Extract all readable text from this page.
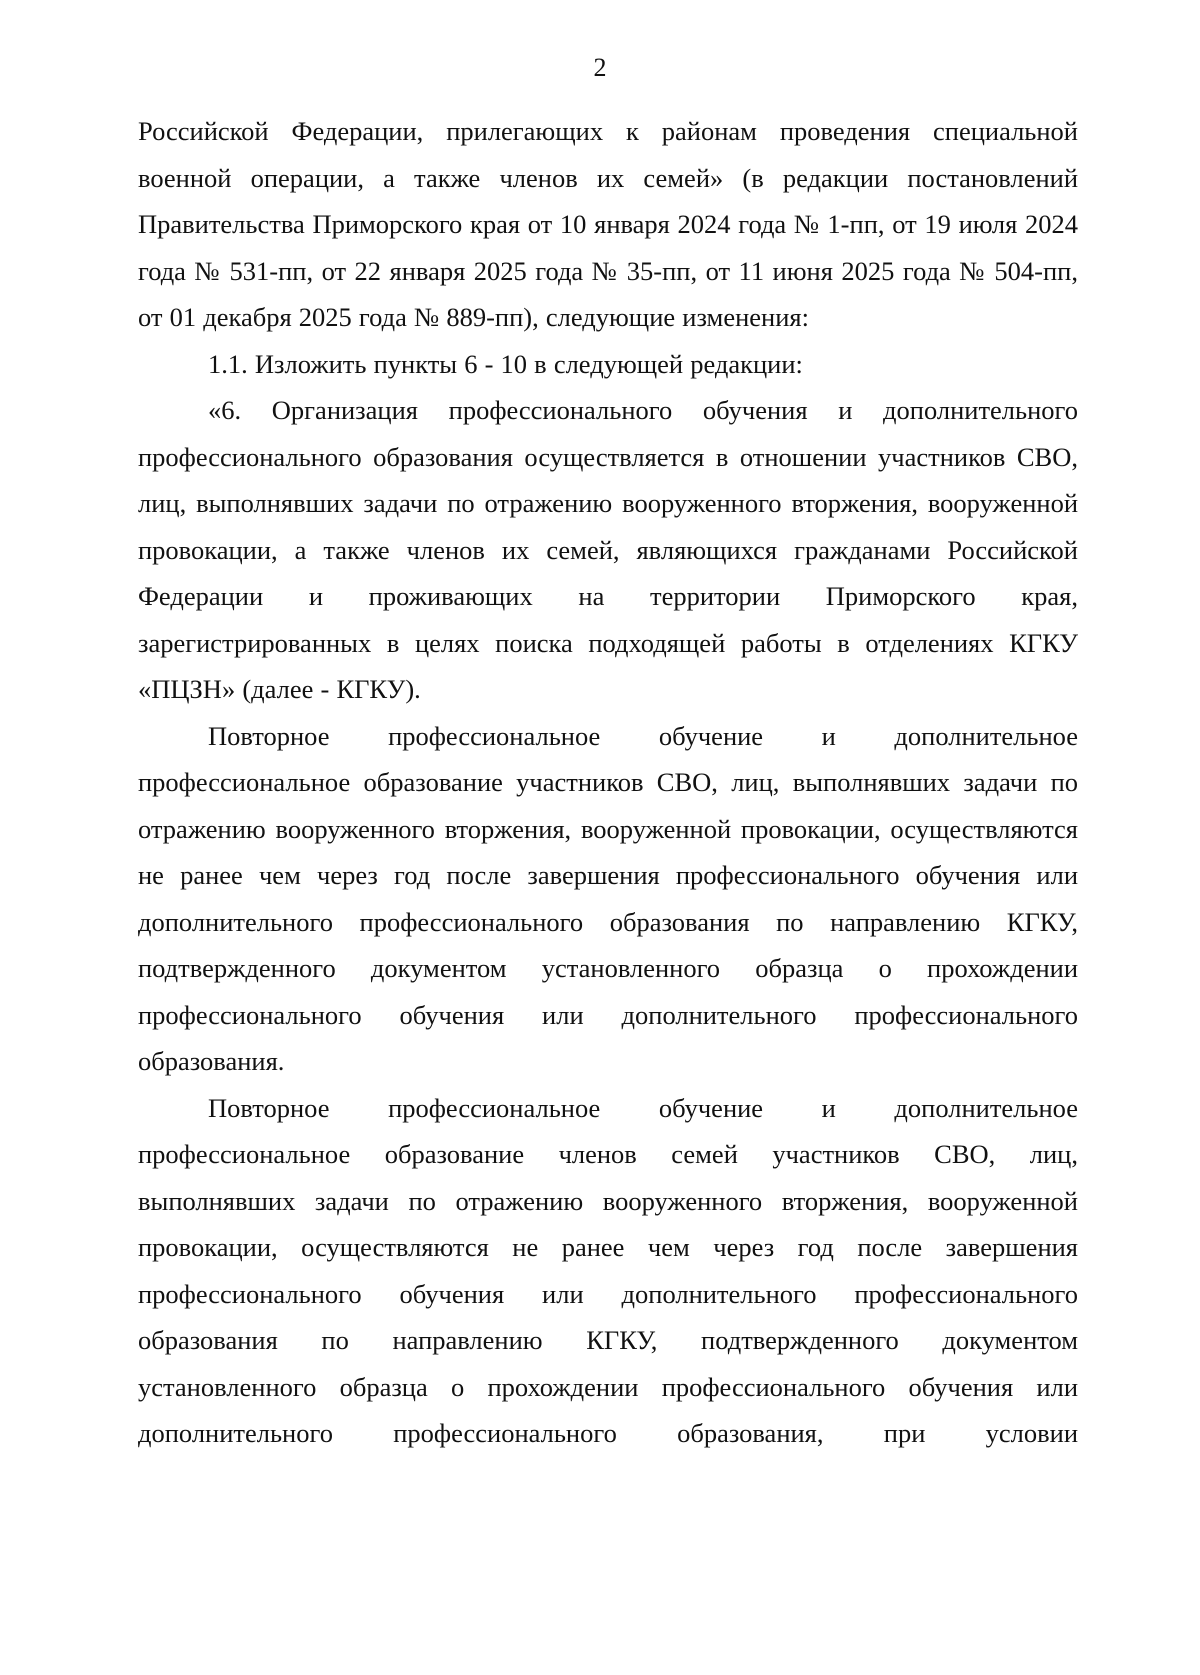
2

Российской Федерации, прилегающих к районам проведения специальной военной операции, а также членов их семей» (в редакции постановлений Правительства Приморского края от 10 января 2024 года № 1-пп, от 19 июля 2024 года № 531-пп, от 22 января 2025 года № 35-пп, от 11 июня 2025 года № 504-пп, от 01 декабря 2025 года № 889-пп), следующие изменения:

1.1. Изложить пункты 6 - 10 в следующей редакции:

«6. Организация профессионального обучения и дополнительного профессионального образования осуществляется в отношении участников СВО, лиц, выполнявших задачи по отражению вооруженного вторжения, вооруженной провокации, а также членов их семей, являющихся гражданами Российской Федерации и проживающих на территории Приморского края, зарегистрированных в целях поиска подходящей работы в отделениях КГКУ «ПЦЗН» (далее - КГКУ).

Повторное профессиональное обучение и дополнительное профессиональное образование участников СВО, лиц, выполнявших задачи по отражению вооруженного вторжения, вооруженной провокации, осуществляются не ранее чем через год после завершения профессионального обучения или дополнительного профессионального образования по направлению КГКУ, подтвержденного документом установленного образца о прохождении профессионального обучения или дополнительного профессионального образования.

Повторное профессиональное обучение и дополнительное профессиональное образование членов семей участников СВО, лиц, выполнявших задачи по отражению вооруженного вторжения, вооруженной провокации, осуществляются не ранее чем через год после завершения профессионального обучения или дополнительного профессионального образования по направлению КГКУ, подтвержденного документом установленного образца о прохождении профессионального обучения или дополнительного профессионального образования, при условии
